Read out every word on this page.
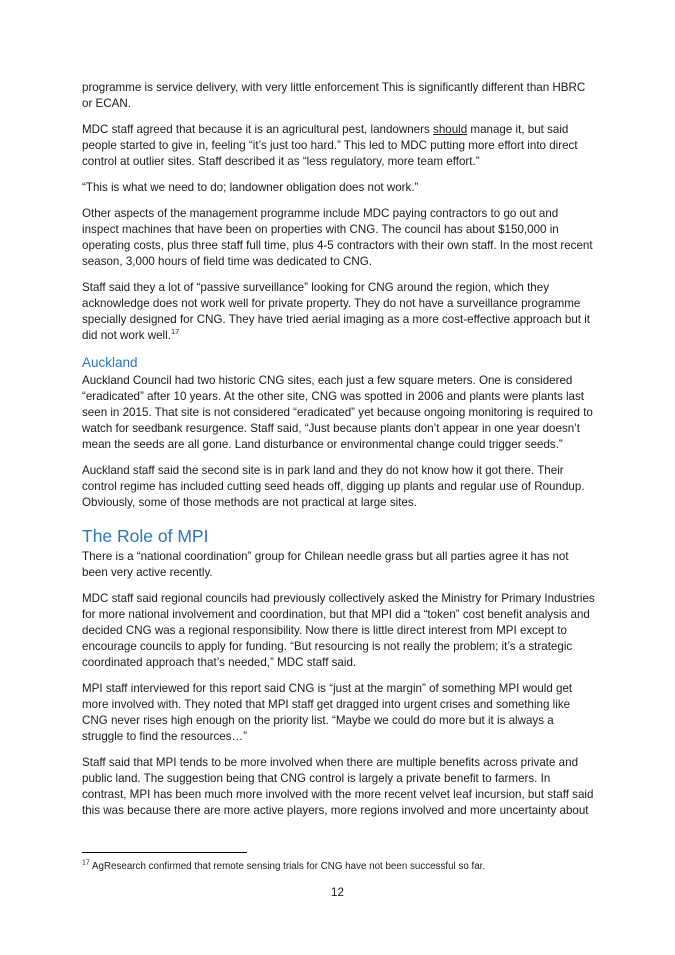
programme is service delivery, with very little enforcement This is significantly different than HBRC or ECAN.

MDC staff agreed that because it is an agricultural pest, landowners should manage it, but said people started to give in, feeling “it’s just too hard.” This led to MDC putting more effort into direct control at outlier sites. Staff described it as “less regulatory, more team effort.”

“This is what we need to do; landowner obligation does not work.”

Other aspects of the management programme include MDC paying contractors to go out and inspect machines that have been on properties with CNG. The council has about $150,000 in operating costs, plus three staff full time, plus 4-5 contractors with their own staff. In the most recent season, 3,000 hours of field time was dedicated to CNG.

Staff said they a lot of “passive surveillance” looking for CNG around the region, which they acknowledge does not work well for private property. They do not have a surveillance programme specially designed for CNG. They have tried aerial imaging as a more cost-effective approach but it did not work well.$^{17}$

Auckland

Auckland Council had two historic CNG sites, each just a few square meters. One is considered “eradicated” after 10 years. At the other site, CNG was spotted in 2006 and plants were plants last seen in 2015. That site is not considered “eradicated” yet because ongoing monitoring is required to watch for seedbank resurgence. Staff said, “Just because plants don’t appear in one year doesn’t mean the seeds are all gone. Land disturbance or environmental change could trigger seeds.”

Auckland staff said the second site is in park land and they do not know how it got there. Their control regime has included cutting seed heads off, digging up plants and regular use of Roundup. Obviously, some of those methods are not practical at large sites.

The Role of MPI

There is a “national coordination” group for Chilean needle grass but all parties agree it has not been very active recently.

MDC staff said regional councils had previously collectively asked the Ministry for Primary Industries for more national involvement and coordination, but that MPI did a “token” cost benefit analysis and decided CNG was a regional responsibility. Now there is little direct interest from MPI except to encourage councils to apply for funding. “But resourcing is not really the problem; it’s a strategic coordinated approach that’s needed,” MDC staff said.

MPI staff interviewed for this report said CNG is “just at the margin” of something MPI would get more involved with. They noted that MPI staff get dragged into urgent crises and something like CNG never rises high enough on the priority list. “Maybe we could do more but it is always a struggle to find the resources…”

Staff said that MPI tends to be more involved when there are multiple benefits across private and public land. The suggestion being that CNG control is largely a private benefit to farmers. In contrast, MPI has been much more involved with the more recent velvet leaf incursion, but staff said this was because there are more active players, more regions involved and more uncertainty about

$^{17}$ AgResearch confirmed that remote sensing trials for CNG have not been successful so far.
12
